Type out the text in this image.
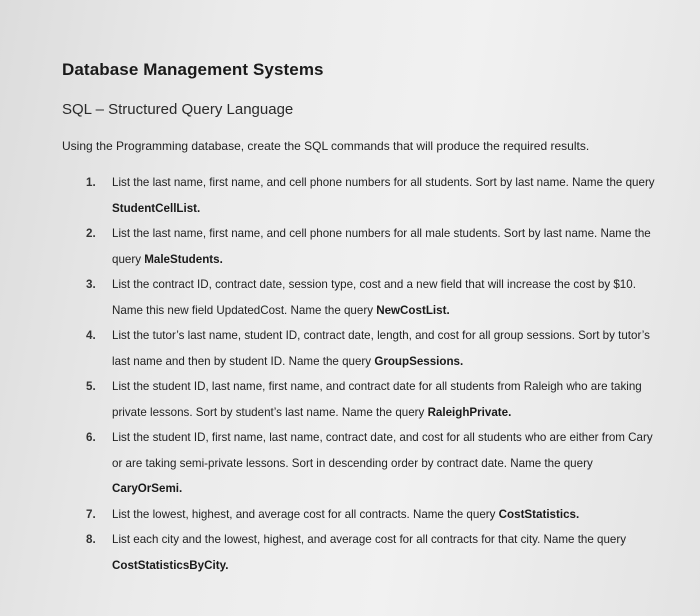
Database Management Systems
SQL – Structured Query Language
Using the Programming database, create the SQL commands that will produce the required results.
1. List the last name, first name, and cell phone numbers for all students. Sort by last name. Name the query StudentCellList.
2. List the last name, first name, and cell phone numbers for all male students. Sort by last name. Name the query MaleStudents.
3. List the contract ID, contract date, session type, cost and a new field that will increase the cost by $10. Name this new field UpdatedCost. Name the query NewCostList.
4. List the tutor’s last name, student ID, contract date, length, and cost for all group sessions. Sort by tutor’s last name and then by student ID. Name the query GroupSessions.
5. List the student ID, last name, first name, and contract date for all students from Raleigh who are taking private lessons. Sort by student’s last name. Name the query RaleighPrivate.
6. List the student ID, first name, last name, contract date, and cost for all students who are either from Cary or are taking semi-private lessons. Sort in descending order by contract date. Name the query CaryOrSemi.
7. List the lowest, highest, and average cost for all contracts. Name the query CostStatistics.
8. List each city and the lowest, highest, and average cost for all contracts for that city. Name the query CostStatisticsByCity.
